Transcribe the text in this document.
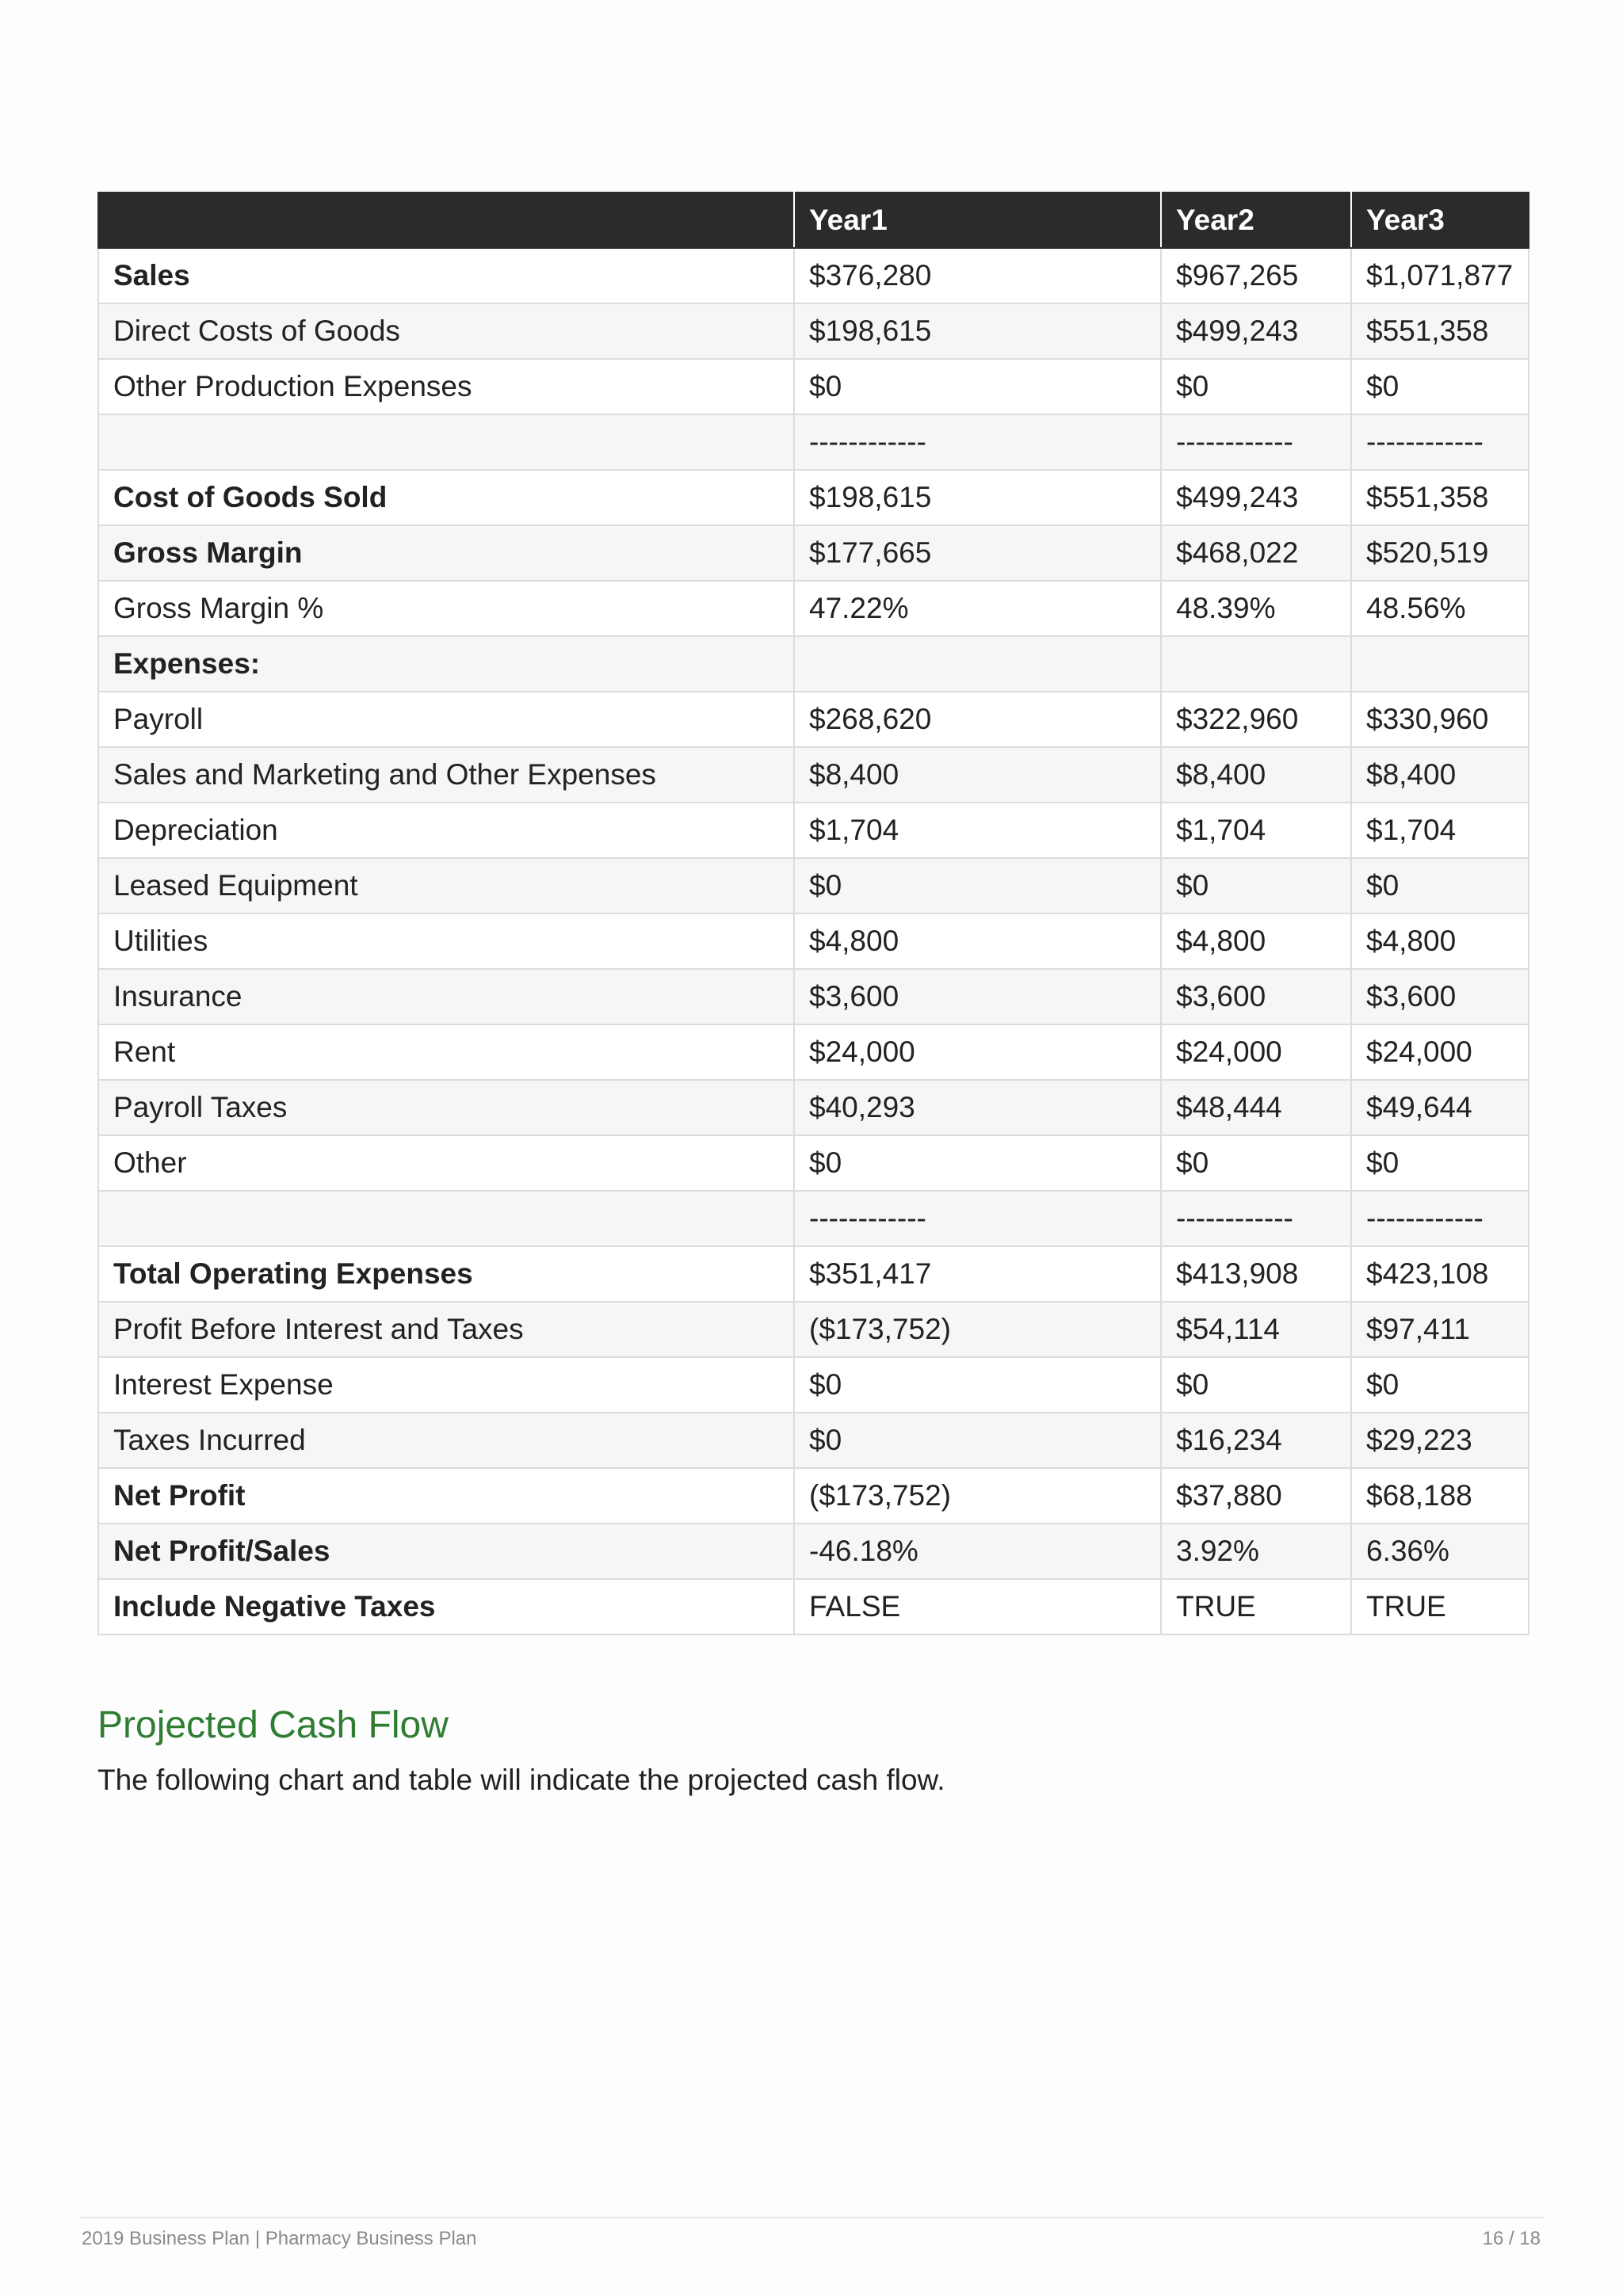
	Year1	Year2	Year3
Sales	$376,280	$967,265	$1,071,877
Direct Costs of Goods	$198,615	$499,243	$551,358
Other Production Expenses	$0	$0	$0
	------------	------------	------------
Cost of Goods Sold	$198,615	$499,243	$551,358
Gross Margin	$177,665	$468,022	$520,519
Gross Margin %	47.22%	48.39%	48.56%
Expenses:			
Payroll	$268,620	$322,960	$330,960
Sales and Marketing and Other Expenses	$8,400	$8,400	$8,400
Depreciation	$1,704	$1,704	$1,704
Leased Equipment	$0	$0	$0
Utilities	$4,800	$4,800	$4,800
Insurance	$3,600	$3,600	$3,600
Rent	$24,000	$24,000	$24,000
Payroll Taxes	$40,293	$48,444	$49,644
Other	$0	$0	$0
	------------	------------	------------
Total Operating Expenses	$351,417	$413,908	$423,108
Profit Before Interest and Taxes	($173,752)	$54,114	$97,411
Interest Expense	$0	$0	$0
Taxes Incurred	$0	$16,234	$29,223
Net Profit	($173,752)	$37,880	$68,188
Net Profit/Sales	-46.18%	3.92%	6.36%
Include Negative Taxes	FALSE	TRUE	TRUE
Projected Cash Flow

The following chart and table will indicate the projected cash flow.

2019 Business Plan | Pharmacy Business Plan	16 / 18
